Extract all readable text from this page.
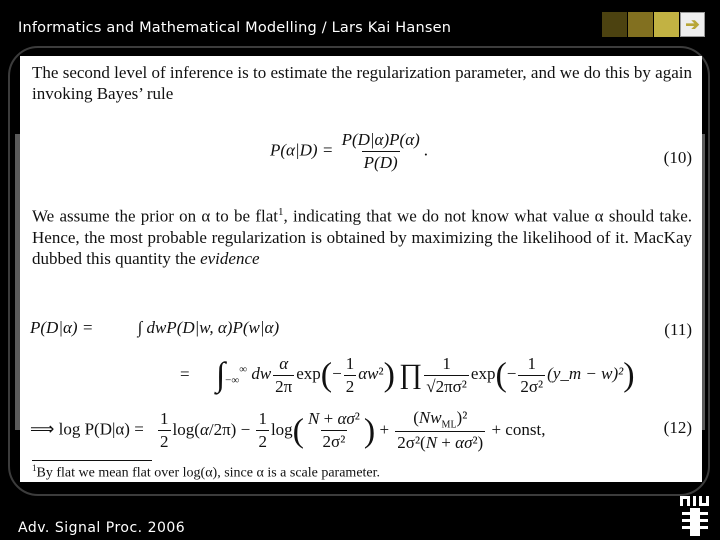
Informatics and Mathematical Modelling / Lars Kai Hansen	➔
The second level of inference is to estimate the regularization parameter, and we do this by again invoking Bayes’ rule
$P(\alpha|D) = \frac{P(D|\alpha)P(\alpha)}{P(D)}$ .	(10)
We assume the prior on α to be flat$^1$, indicating that we do not know what value α should take. Hence, the most probable regularization is obtained by maximizing the likelihood of it. MacKay dubbed this quantity the evidence
P(D|α) =	∫ dwP(D|w, α)P(w|α)	(11)
= $\int_{-\infty}^\infty$ dw $\frac{\alpha}{2\pi} \exp(- \frac{1}{2} \alpha w^2)$ ∏ $\frac{1}{\text{√2πσ²}} \exp(- \frac{1}{\text{2σ²}}$ (y_m − w)²)
⟹ $\log P(D|\alpha) = \frac{1}{2} \log(\alpha/2\pi) - \frac{1}{2} \log( \frac{\text{N + ασ²}}{\text{2σ²}}$ ) + $\frac{(Nw_{ML})^2}{\text{2σ²(N + ασ²)}}$ + const,	(12)
$^1$By flat we mean flat over log(α), since α is a scale parameter.
Adv. Signal Proc. 2006
